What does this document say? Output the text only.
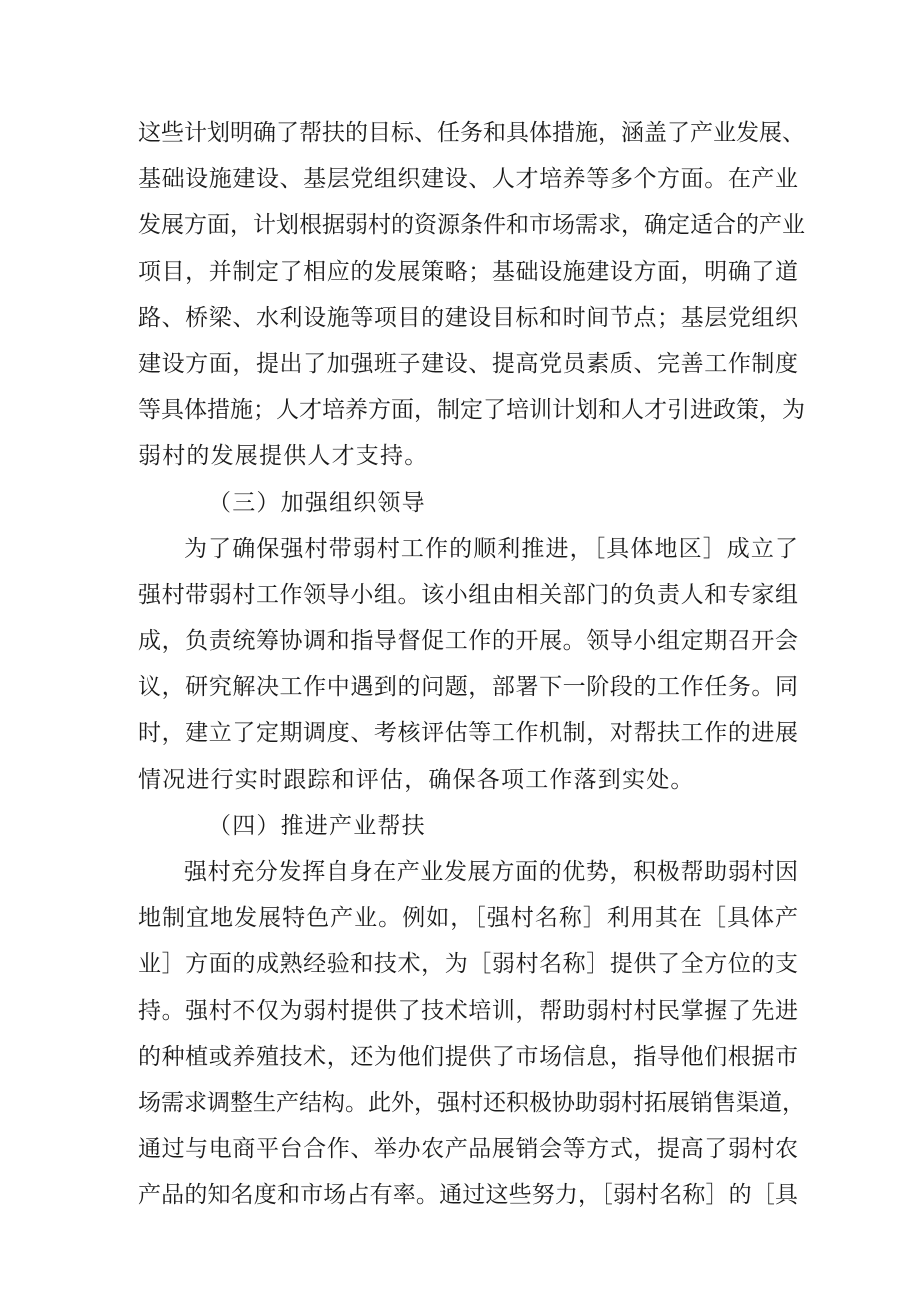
这些计划明确了帮扶的目标、任务和具体措施，涵盖了产业发展、
基础设施建设、基层党组织建设、人才培养等多个方面。在产业
发展方面，计划根据弱村的资源条件和市场需求，确定适合的产业
项目，并制定了相应的发展策略；基础设施建设方面，明确了道
路、桥梁、水利设施等项目的建设目标和时间节点；基层党组织
建设方面，提出了加强班子建设、提高党员素质、完善工作制度
等具体措施；人才培养方面，制定了培训计划和人才引进政策，为
弱村的发展提供人才支持。
（三）加强组织领导
为了确保强村带弱村工作的顺利推进，［具体地区］成立了
强村带弱村工作领导小组。该小组由相关部门的负责人和专家组
成，负责统筹协调和指导督促工作的开展。领导小组定期召开会
议，研究解决工作中遇到的问题，部署下一阶段的工作任务。同
时，建立了定期调度、考核评估等工作机制，对帮扶工作的进展
情况进行实时跟踪和评估，确保各项工作落到实处。
（四）推进产业帮扶
强村充分发挥自身在产业发展方面的优势，积极帮助弱村因
地制宜地发展特色产业。例如，［强村名称］利用其在［具体产
业］方面的成熟经验和技术，为［弱村名称］提供了全方位的支
持。强村不仅为弱村提供了技术培训，帮助弱村村民掌握了先进
的种植或养殖技术，还为他们提供了市场信息，指导他们根据市
场需求调整生产结构。此外，强村还积极协助弱村拓展销售渠道，
通过与电商平台合作、举办农产品展销会等方式，提高了弱村农
产品的知名度和市场占有率。通过这些努力，［弱村名称］的［具
